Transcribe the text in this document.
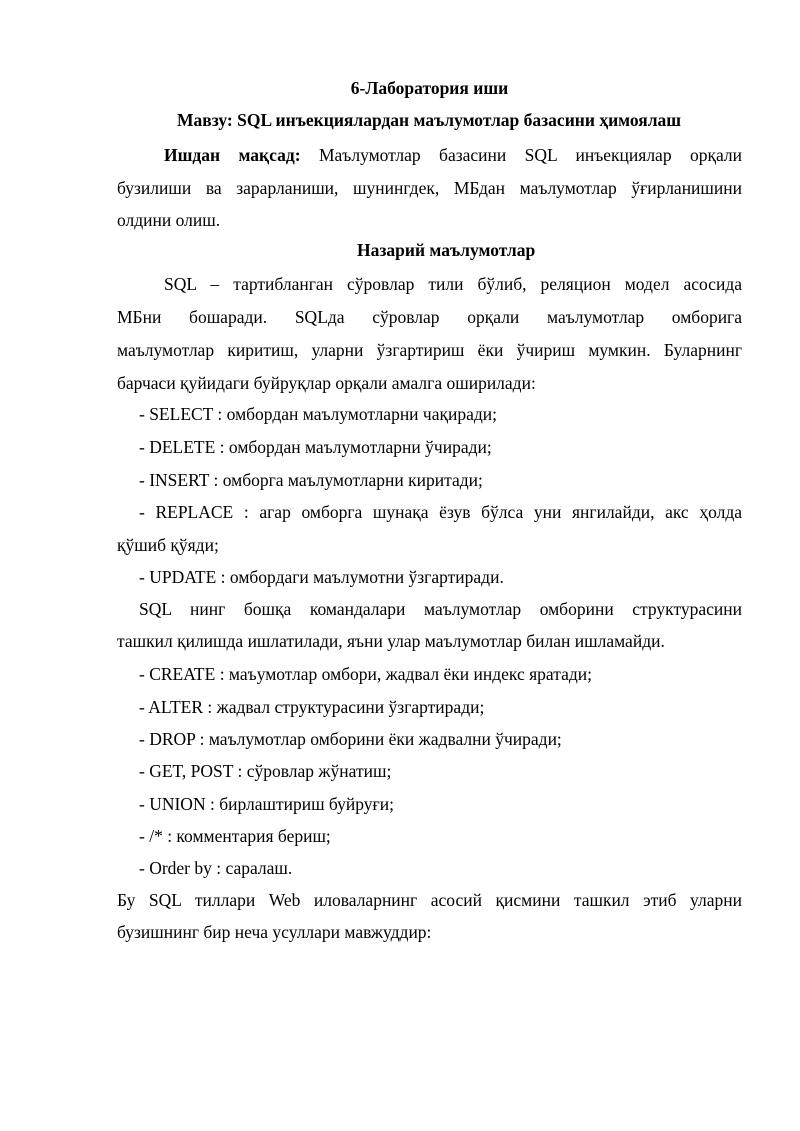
6-Лаборатория иши
Мавзу: SQL инъекциялардан маълумотлар базасини ҳимоялаш
Ишдан мақсад: Маълумотлар базасини SQL инъекциялар орқали
бузилиши ва зарарланиши, шунингдек, МБдан маълумотлар ўғирланишини
олдини олиш.
Назарий маълумотлар
SQL – тартибланган сўровлар тили бўлиб, реляцион модел асосида
МБни бошаради. SQLда сўровлар орқали маълумотлар омборига
маълумотлар киритиш, уларни ўзгартириш ёки ўчириш мумкин. Буларнинг
барчаси қуйидаги буйруқлар орқали амалга оширилади:
- SELECT : омбордан маълумотларни чақиради;
- DELETE : омбордан маълумотларни ўчиради;
- INSERT : омборга маълумотларни киритади;
- REPLACE : агар омборга шунақа ёзув бўлса уни янгилайди, акс ҳолда
қўшиб қўяди;
- UPDATE : омбордаги маълумотни ўзгартиради.
SQL нинг бошқа командалари маълумотлар омборини структурасини
ташкил қилишда ишлатилади, яъни улар маълумотлар билан ишламайди.
- CREATE : маъумотлар омбори, жадвал ёки индекс яратади;
- ALTER : жадвал структурасини ўзгартиради;
- DROP : маълумотлар омборини ёки жадвални ўчиради;
- GET, POST : сўровлар жўнатиш;
- UNION : бирлаштириш буйруғи;
- /* : комментария бериш;
- Order by : саралаш.
Бу SQL тиллари Web иловаларнинг асосий қисмини ташкил этиб уларни
бузишнинг бир неча усуллари мавжуддир:
